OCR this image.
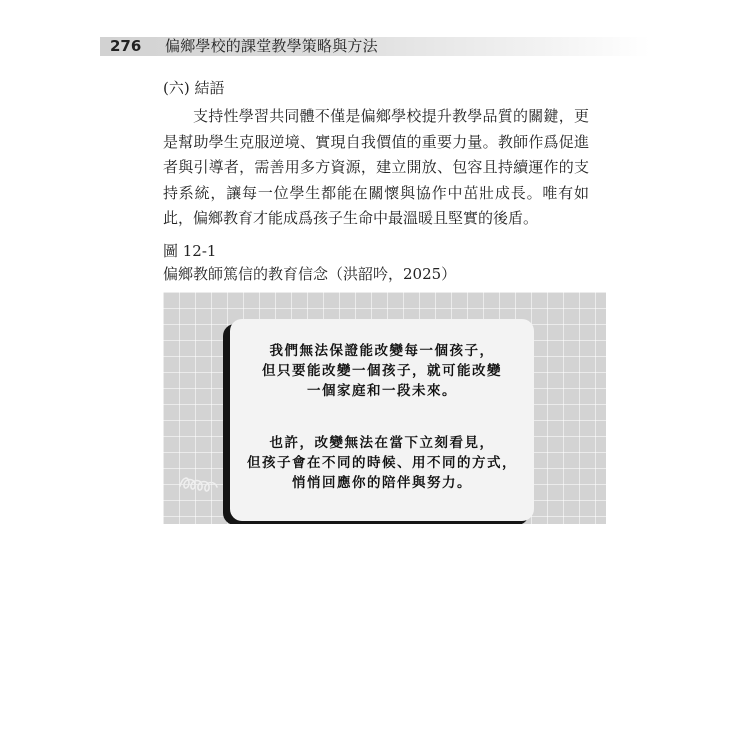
276 偏鄉學校的課堂教學策略與方法
(六) 結語

支持性學習共同體不僅是偏鄉學校提升教學品質的關鍵，更是幫助學生克服逆境、實現自我價值的重要力量。教師作爲促進者與引導者，需善用多方資源，建立開放、包容且持續運作的支持系統，讓每一位學生都能在關懷與協作中茁壯成長。唯有如此，偏鄉教育才能成爲孩子生命中最溫暖且堅實的後盾。

圖 12-1
偏鄉教師篤信的教育信念（洪韶吟，2025）
我們無法保證能改變每一個孩子，
但只要能改變一個孩子，就可能改變
一個家庭和一段未來。
也許，改變無法在當下立刻看見，
但孩子會在不同的時候、用不同的方式，
悄悄回應你的陪伴與努力。
